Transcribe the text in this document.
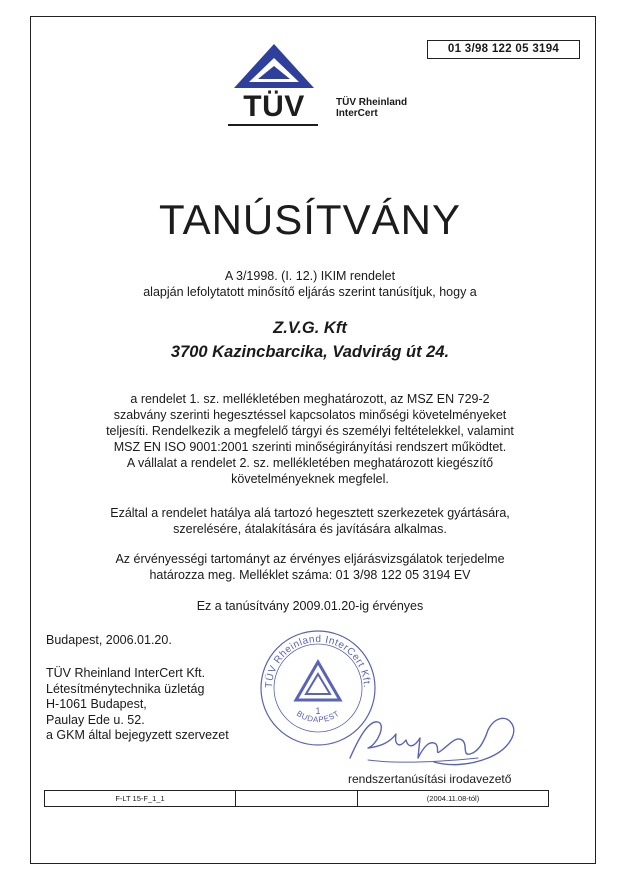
01 3/98 122 05 3194
TÜV	TÜV Rheinland
InterCert
TANÚSÍTVÁNY
A 3/1998. (I. 12.) IKIM rendelet
alapján lefolytatott minősítő eljárás szerint tanúsítjuk, hogy a
Z.V.G. Kft
3700 Kazincbarcika, Vadvirág út 24.
a rendelet 1. sz. mellékletében meghatározott, az MSZ EN 729-2
szabvány szerinti hegesztéssel kapcsolatos minőségi követelményeket
teljesíti. Rendelkezik a megfelelő tárgyi és személyi feltételekkel, valamint
MSZ EN ISO 9001:2001 szerinti minőségirányítási rendszert működtet.
A vállalat a rendelet 2. sz. mellékletében meghatározott kiegészítő
követelményeknek megfelel.
Ezáltal a rendelet hatálya alá tartozó hegesztett szerkezetek gyártására,
szerelésére, átalakítására és javítására alkalmas.
Az érvényességi tartományt az érvényes eljárásvizsgálatok terjedelme
határozza meg. Melléklet száma: 01 3/98 122 05 3194 EV
Ez a tanúsítvány 2009.01.20-ig érvényes
Budapest, 2006.01.20.
TÜV Rheinland InterCert Kft.
Létesítménytechnika üzletág
H-1061 Budapest,
Paulay Ede u. 52.
a GKM által bejegyzett szervezet
TÜV Rheinland InterCert Kft.
1
BUDAPEST
rendszertanúsítási irodavezető
F-LT 15-F_1_1	(2004.11.08-tól)
